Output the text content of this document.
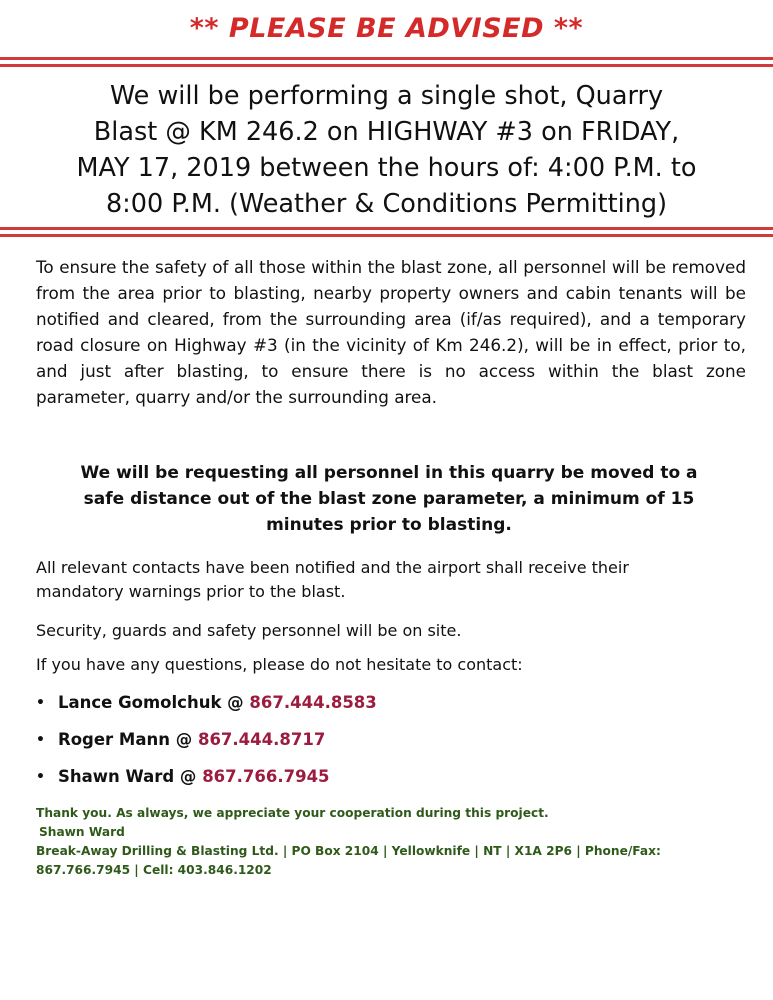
** PLEASE BE ADVISED **
We will be performing a single shot, Quarry
Blast @ KM 246.2 on HIGHWAY #3 on FRIDAY,
MAY 17, 2019 between the hours of: 4:00 P.M. to
8:00 P.M. (Weather & Conditions Permitting)
To ensure the safety of all those within the blast zone, all personnel will be removed from the area prior to blasting, nearby property owners and cabin tenants will be notified and cleared, from the surrounding area (if/as required), and a temporary road closure on Highway #3 (in the vicinity of Km 246.2), will be in effect, prior to, and just after blasting, to ensure there is no access within the blast zone parameter, quarry and/or the surrounding area.
We will be requesting all personnel in this quarry be moved to a
safe distance out of the blast zone parameter, a minimum of 15
minutes prior to blasting.
All relevant contacts have been notified and the airport shall receive their
mandatory warnings prior to the blast.
Security, guards and safety personnel will be on site.
If you have any questions, please do not hesitate to contact:
• Lance Gomolchuk @ 867.444.8583
• Roger Mann @ 867.444.8717
• Shawn Ward @ 867.766.7945
Thank you. As always, we appreciate your cooperation during this project.
Shawn Ward
Break-Away Drilling & Blasting Ltd. | PO Box 2104 | Yellowknife | NT | X1A 2P6 | Phone/Fax:
867.766.7945 | Cell: 403.846.1202
